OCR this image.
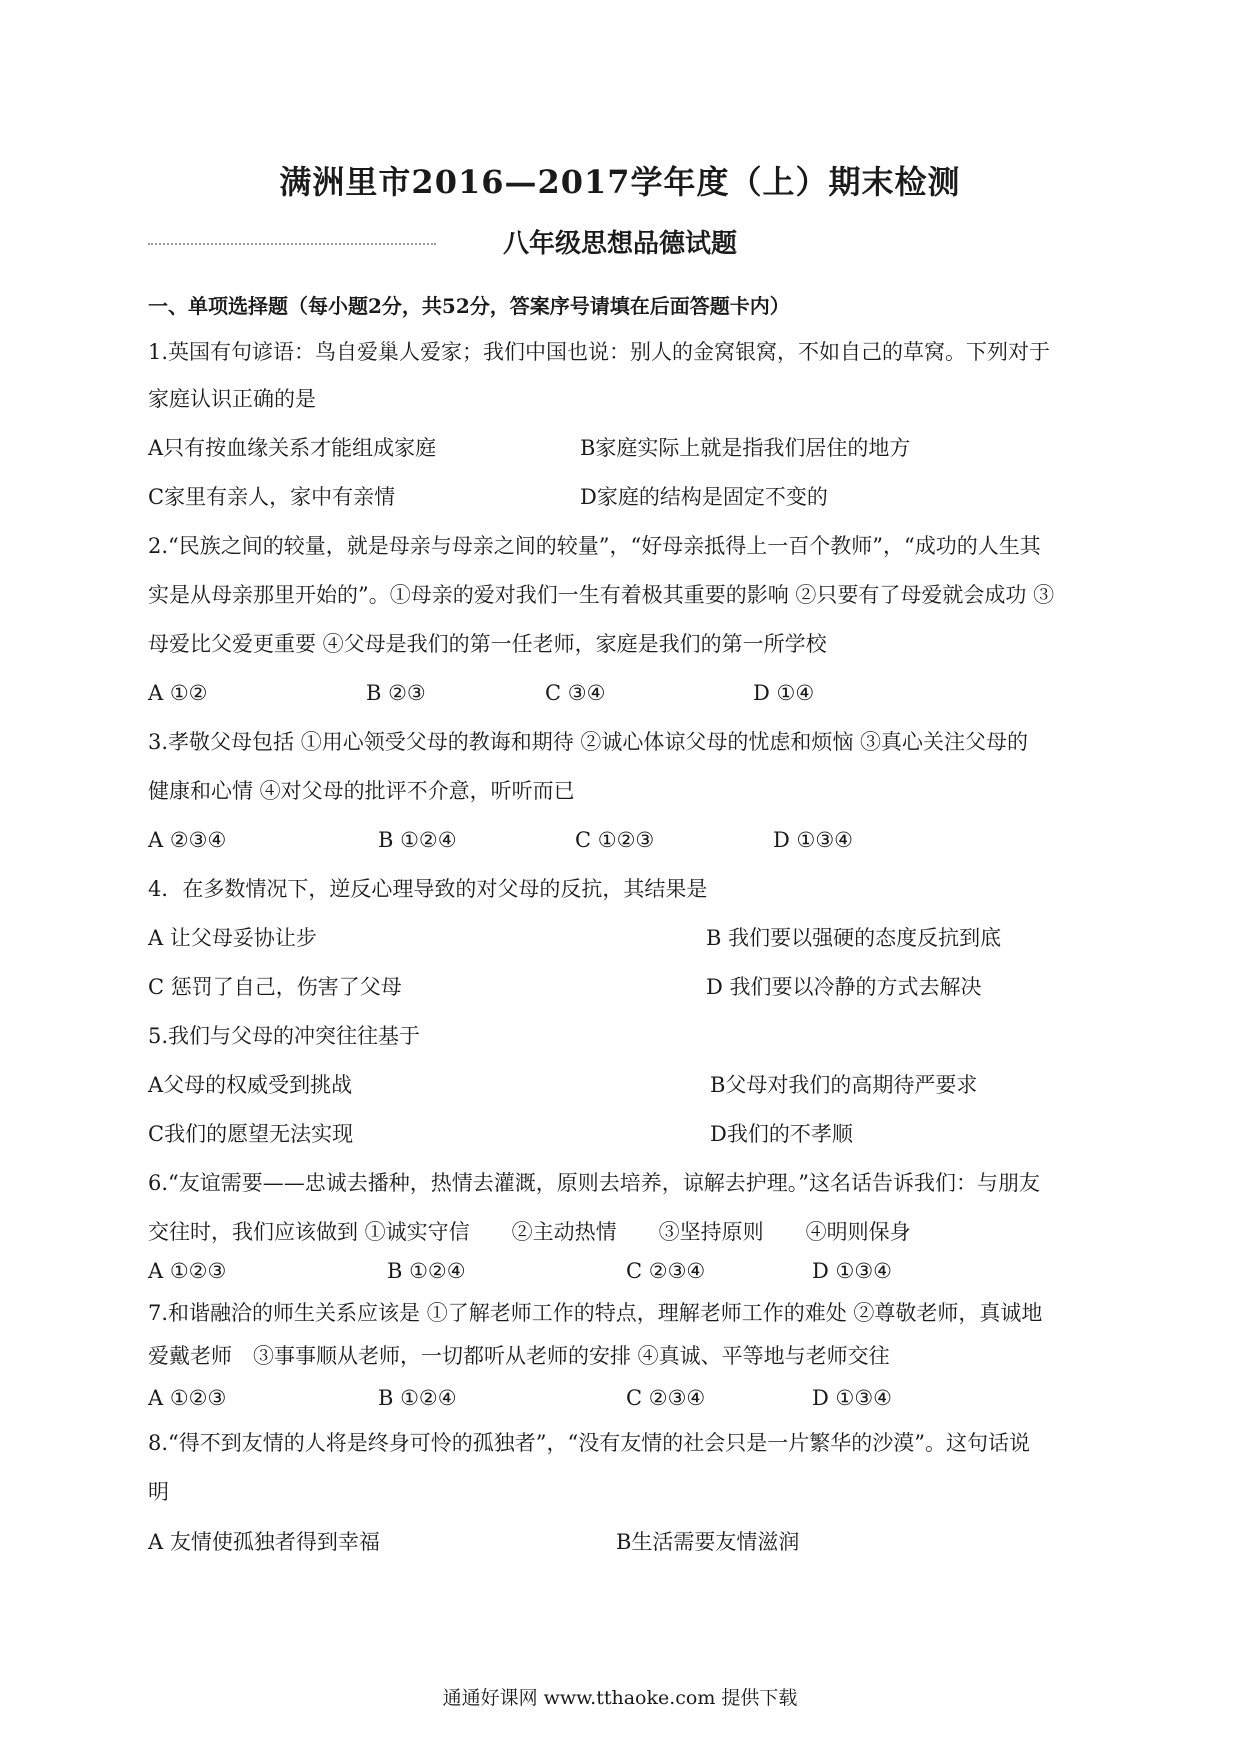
满洲里市2016—2017学年度（上）期末检测
八年级思想品德试题
一、单项选择题（每小题2分，共52分，答案序号请填在后面答题卡内）
1.英国有句谚语：鸟自爱巢人爱家；我们中国也说：别人的金窝银窝，不如自己的草窝。下列对于
家庭认识正确的是
A只有按血缘关系才能组成家庭	B家庭实际上就是指我们居住的地方
C家里有亲人，家中有亲情	D家庭的结构是固定不变的
2.“民族之间的较量，就是母亲与母亲之间的较量”，“好母亲抵得上一百个教师”，“成功的人生其
实是从母亲那里开始的”。①母亲的爱对我们一生有着极其重要的影响 ②只要有了母爱就会成功 ③
母爱比父爱更重要 ④父母是我们的第一任老师，家庭是我们的第一所学校
A ①②	B ②③	C ③④	D ①④
3.孝敬父母包括 ①用心领受父母的教诲和期待 ②诚心体谅父母的忧虑和烦恼 ③真心关注父母的
健康和心情 ④对父母的批评不介意，听听而已
A ②③④	B ①②④	C ①②③	D ①③④
4．在多数情况下，逆反心理导致的对父母的反抗，其结果是
A 让父母妥协让步	B 我们要以强硬的态度反抗到底
C 惩罚了自己，伤害了父母	D 我们要以冷静的方式去解决
5.我们与父母的冲突往往基于
A父母的权威受到挑战	B父母对我们的高期待严要求
C我们的愿望无法实现	D我们的不孝顺
6.“友谊需要——忠诚去播种，热情去灌溉，原则去培养，谅解去护理。”这名话告诉我们：与朋友
交往时，我们应该做到 ①诚实守信　　②主动热情　　③坚持原则　　④明则保身
A ①②③	B ①②④	C ②③④	D ①③④
7.和谐融洽的师生关系应该是 ①了解老师工作的特点，理解老师工作的难处 ②尊敬老师，真诚地
爱戴老师　③事事顺从老师，一切都听从老师的安排 ④真诚、平等地与老师交往
A ①②③	B ①②④	C ②③④	D ①③④
8.“得不到友情的人将是终身可怜的孤独者”，“没有友情的社会只是一片繁华的沙漠”。这句话说
明
A 友情使孤独者得到幸福	B生活需要友情滋润
通通好课网 www.tthaoke.com 提供下载
